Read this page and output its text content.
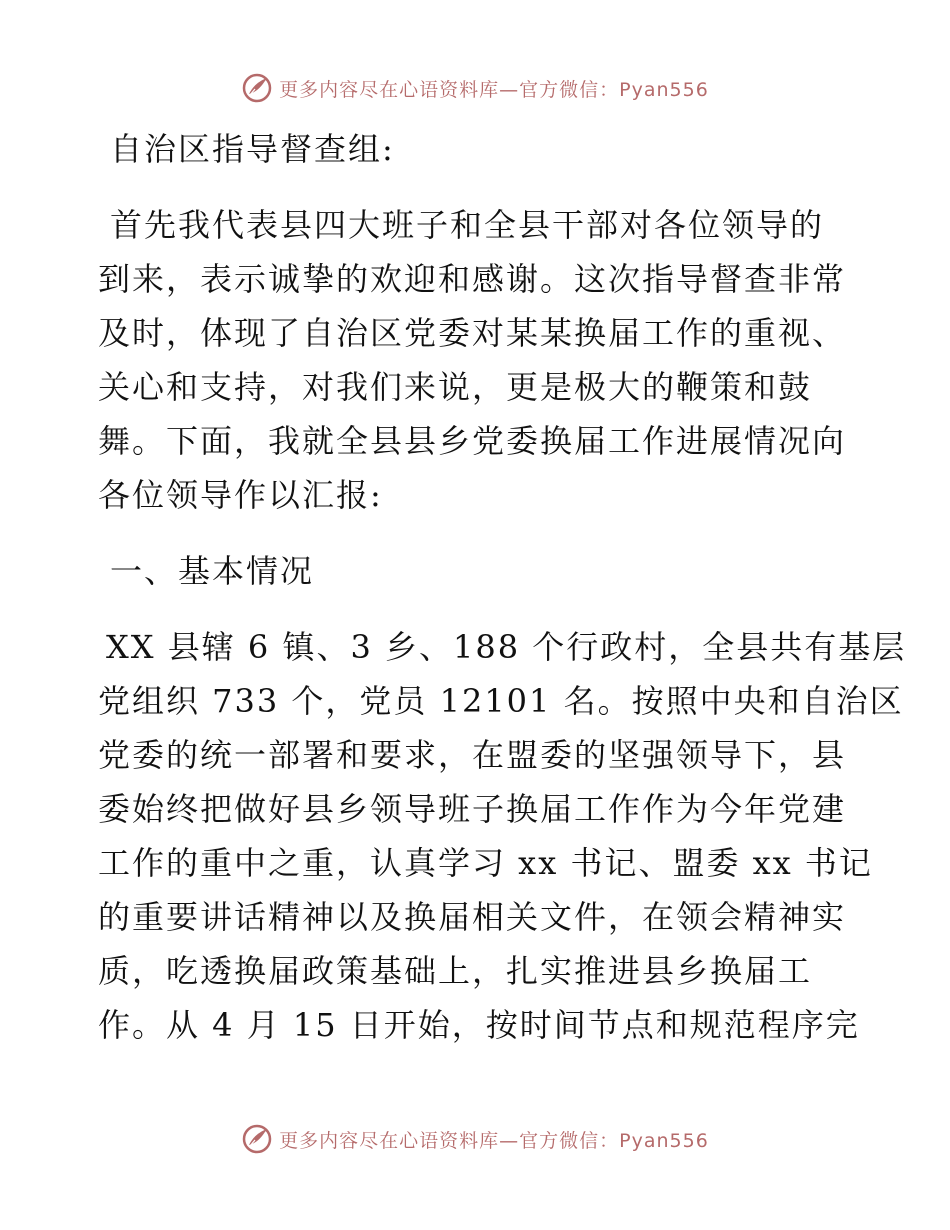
更多内容尽在心语资料库—官方微信：Pyan556
自治区指导督查组:
首先我代表县四大班子和全县干部对各位领导的
到来，表示诚挚的欢迎和感谢。这次指导督查非常
及时，体现了自治区党委对某某换届工作的重视、
关心和支持，对我们来说，更是极大的鞭策和鼓
舞。下面，我就全县县乡党委换届工作进展情况向
各位领导作以汇报:
一、基本情况
XX 县辖 6 镇、3 乡、188 个行政村，全县共有基层
党组织 733 个，党员 12101 名。按照中央和自治区
党委的统一部署和要求，在盟委的坚强领导下，县
委始终把做好县乡领导班子换届工作作为今年党建
工作的重中之重，认真学习 xx 书记、盟委 xx 书记
的重要讲话精神以及换届相关文件，在领会精神实
质，吃透换届政策基础上，扎实推进县乡换届工
作。从 4 月 15 日开始，按时间节点和规范程序完
更多内容尽在心语资料库—官方微信：Pyan556
